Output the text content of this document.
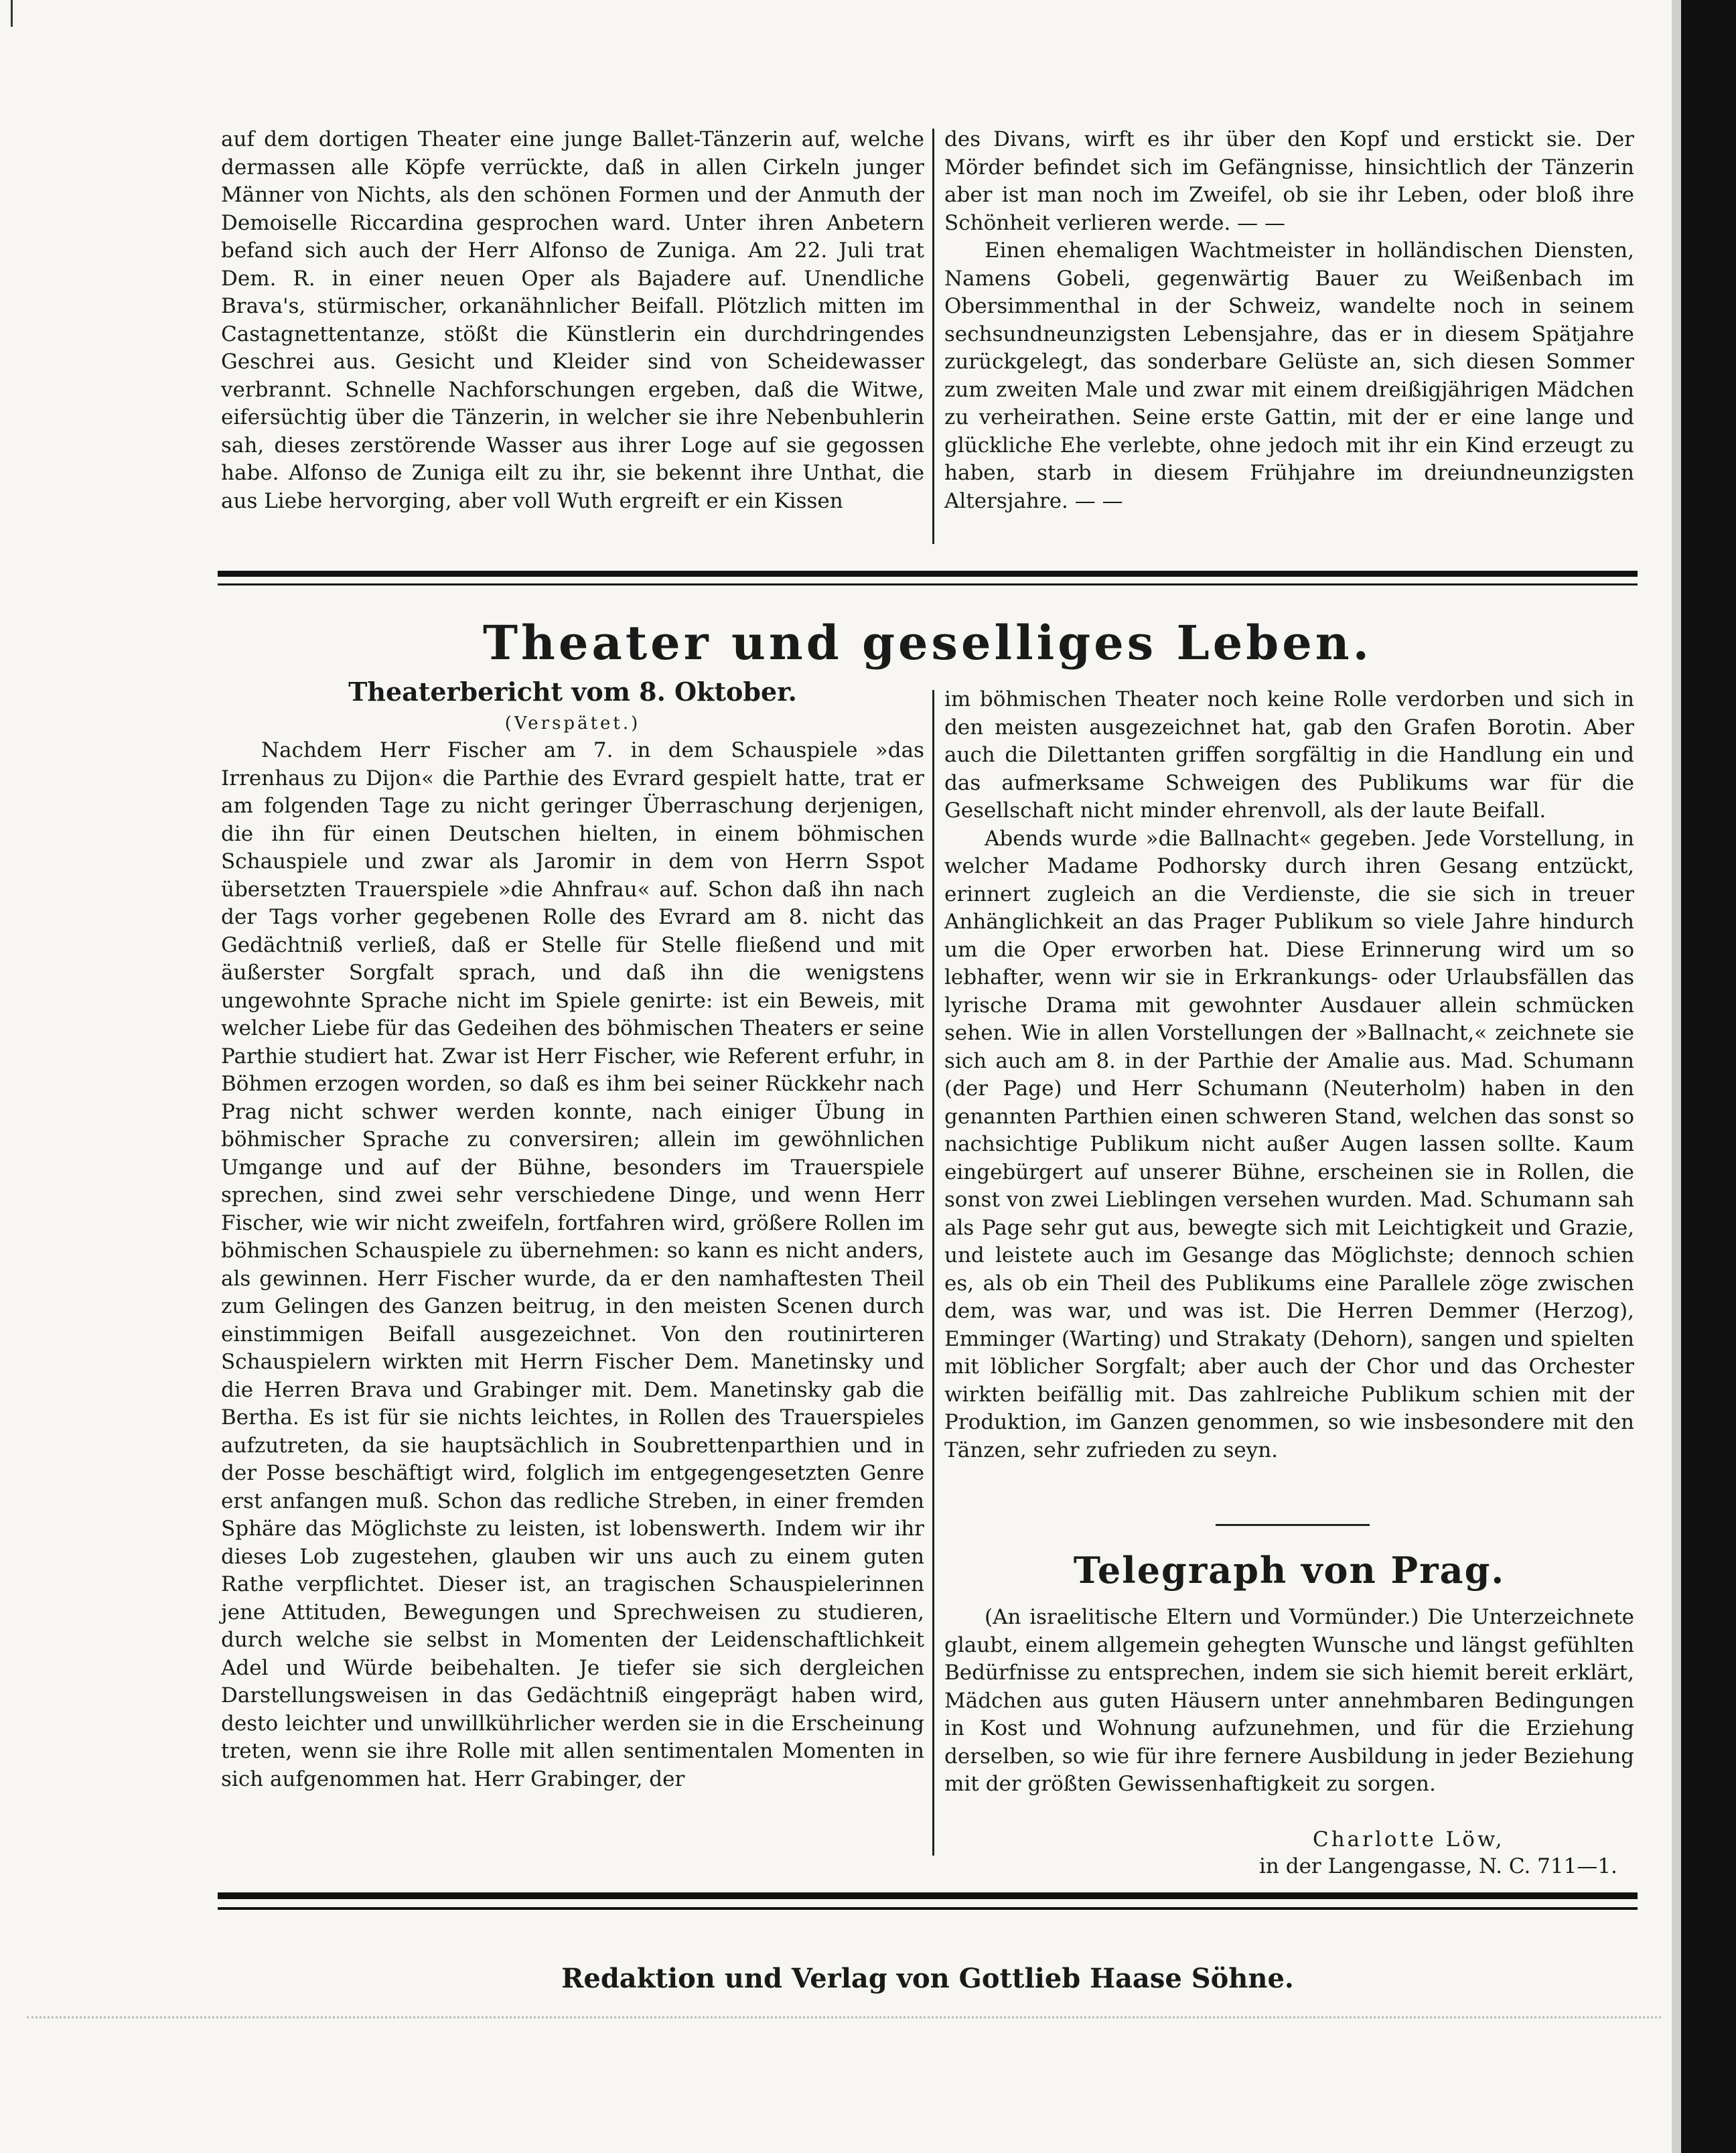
auf dem dortigen Theater eine junge Ballet-Tänzerin auf, welche dermassen alle Köpfe verrückte, daß in allen Cirkeln junger Männer von Nichts, als den schönen Formen und der Anmuth der Demoiselle Riccardina gesprochen ward. Unter ihren Anbetern befand sich auch der Herr Alfonso de Zuniga. Am 22. Juli trat Dem. R. in einer neuen Oper als Bajadere auf. Unendliche Brava's, stürmischer, orkanähnlicher Beifall. Plötzlich mitten im Castagnettentanze, stößt die Künstlerin ein durchdringendes Geschrei aus. Gesicht und Kleider sind von Scheidewasser verbrannt. Schnelle Nachforschungen ergeben, daß die Witwe, eifersüchtig über die Tänzerin, in welcher sie ihre Nebenbuhlerin sah, dieses zerstörende Wasser aus ihrer Loge auf sie gegossen habe. Alfonso de Zuniga eilt zu ihr, sie bekennt ihre Unthat, die aus Liebe hervorging, aber voll Wuth ergreift er ein Kissen

des Divans, wirft es ihr über den Kopf und erstickt sie. Der Mörder befindet sich im Gefängnisse, hinsichtlich der Tänzerin aber ist man noch im Zweifel, ob sie ihr Leben, oder bloß ihre Schönheit verlieren werde. — —

Einen ehemaligen Wachtmeister in holländischen Diensten, Namens Gobeli, gegenwärtig Bauer zu Weißenbach im Obersimmenthal in der Schweiz, wandelte noch in seinem sechsundneunzigsten Lebensjahre, das er in diesem Spätjahre zurückgelegt, das sonderbare Gelüste an, sich diesen Sommer zum zweiten Male und zwar mit einem dreißigjährigen Mädchen zu verheirathen. Seine erste Gattin, mit der er eine lange und glückliche Ehe verlebte, ohne jedoch mit ihr ein Kind erzeugt zu haben, starb in diesem Frühjahre im dreiundneunzigsten Altersjahre. — —

Theater und geselliges Leben.
Theaterbericht vom 8. Oktober.
(Verspätet.)

Nachdem Herr Fischer am 7. in dem Schauspiele »das Irrenhaus zu Dijon« die Parthie des Evrard gespielt hatte, trat er am folgenden Tage zu nicht geringer Überraschung derjenigen, die ihn für einen Deutschen hielten, in einem böhmischen Schauspiele und zwar als Jaromir in dem von Herrn Sspot übersetzten Trauerspiele »die Ahnfrau« auf. Schon daß ihn nach der Tags vorher gegebenen Rolle des Evrard am 8. nicht das Gedächtniß verließ, daß er Stelle für Stelle fließend und mit äußerster Sorgfalt sprach, und daß ihn die wenigstens ungewohnte Sprache nicht im Spiele genirte: ist ein Beweis, mit welcher Liebe für das Gedeihen des böhmischen Theaters er seine Parthie studiert hat. Zwar ist Herr Fischer, wie Referent erfuhr, in Böhmen erzogen worden, so daß es ihm bei seiner Rückkehr nach Prag nicht schwer werden konnte, nach einiger Übung in böhmischer Sprache zu conversiren; allein im gewöhnlichen Umgange und auf der Bühne, besonders im Trauerspiele sprechen, sind zwei sehr verschiedene Dinge, und wenn Herr Fischer, wie wir nicht zweifeln, fortfahren wird, größere Rollen im böhmischen Schauspiele zu übernehmen: so kann es nicht anders, als gewinnen. Herr Fischer wurde, da er den namhaftesten Theil zum Gelingen des Ganzen beitrug, in den meisten Scenen durch einstimmigen Beifall ausgezeichnet. Von den routinirteren Schauspielern wirkten mit Herrn Fischer Dem. Manetinsky und die Herren Brava und Grabinger mit. Dem. Manetinsky gab die Bertha. Es ist für sie nichts leichtes, in Rollen des Trauerspieles aufzutreten, da sie hauptsächlich in Soubrettenparthien und in der Posse beschäftigt wird, folglich im entgegengesetzten Genre erst anfangen muß. Schon das redliche Streben, in einer fremden Sphäre das Möglichste zu leisten, ist lobenswerth. Indem wir ihr dieses Lob zugestehen, glauben wir uns auch zu einem guten Rathe verpflichtet. Dieser ist, an tragischen Schauspielerinnen jene Attituden, Bewegungen und Sprechweisen zu studieren, durch welche sie selbst in Momenten der Leidenschaftlichkeit Adel und Würde beibehalten. Je tiefer sie sich dergleichen Darstellungsweisen in das Gedächtniß eingeprägt haben wird, desto leichter und unwillkührlicher werden sie in die Erscheinung treten, wenn sie ihre Rolle mit allen sentimentalen Momenten in sich aufgenommen hat. Herr Grabinger, der

im böhmischen Theater noch keine Rolle verdorben und sich in den meisten ausgezeichnet hat, gab den Grafen Borotin. Aber auch die Dilettanten griffen sorgfältig in die Handlung ein und das aufmerksame Schweigen des Publikums war für die Gesellschaft nicht minder ehrenvoll, als der laute Beifall.

Abends wurde »die Ballnacht« gegeben. Jede Vorstellung, in welcher Madame Podhorsky durch ihren Gesang entzückt, erinnert zugleich an die Verdienste, die sie sich in treuer Anhänglichkeit an das Prager Publikum so viele Jahre hindurch um die Oper erworben hat. Diese Erinnerung wird um so lebhafter, wenn wir sie in Erkrankungs- oder Urlaubsfällen das lyrische Drama mit gewohnter Ausdauer allein schmücken sehen. Wie in allen Vorstellungen der »Ballnacht,« zeichnete sie sich auch am 8. in der Parthie der Amalie aus. Mad. Schumann (der Page) und Herr Schumann (Neuterholm) haben in den genannten Parthien einen schweren Stand, welchen das sonst so nachsichtige Publikum nicht außer Augen lassen sollte. Kaum eingebürgert auf unserer Bühne, erscheinen sie in Rollen, die sonst von zwei Lieblingen versehen wurden. Mad. Schumann sah als Page sehr gut aus, bewegte sich mit Leichtigkeit und Grazie, und leistete auch im Gesange das Möglichste; dennoch schien es, als ob ein Theil des Publikums eine Parallele zöge zwischen dem, was war, und was ist. Die Herren Demmer (Herzog), Emminger (Warting) und Strakaty (Dehorn), sangen und spielten mit löblicher Sorgfalt; aber auch der Chor und das Orchester wirkten beifällig mit. Das zahlreiche Publikum schien mit der Produktion, im Ganzen genommen, so wie insbesondere mit den Tänzen, sehr zufrieden zu seyn.

Telegraph von Prag.

(An israelitische Eltern und Vormünder.) Die Unterzeichnete glaubt, einem allgemein gehegten Wunsche und längst gefühlten Bedürfnisse zu entsprechen, indem sie sich hiemit bereit erklärt, Mädchen aus guten Häusern unter annehmbaren Bedingungen in Kost und Wohnung aufzunehmen, und für die Erziehung derselben, so wie für ihre fernere Ausbildung in jeder Beziehung mit der größten Gewissenhaftigkeit zu sorgen.

Charlotte Löw,
in der Langengasse, N. C. 711—1.
Redaktion und Verlag von Gottlieb Haase Söhne.
